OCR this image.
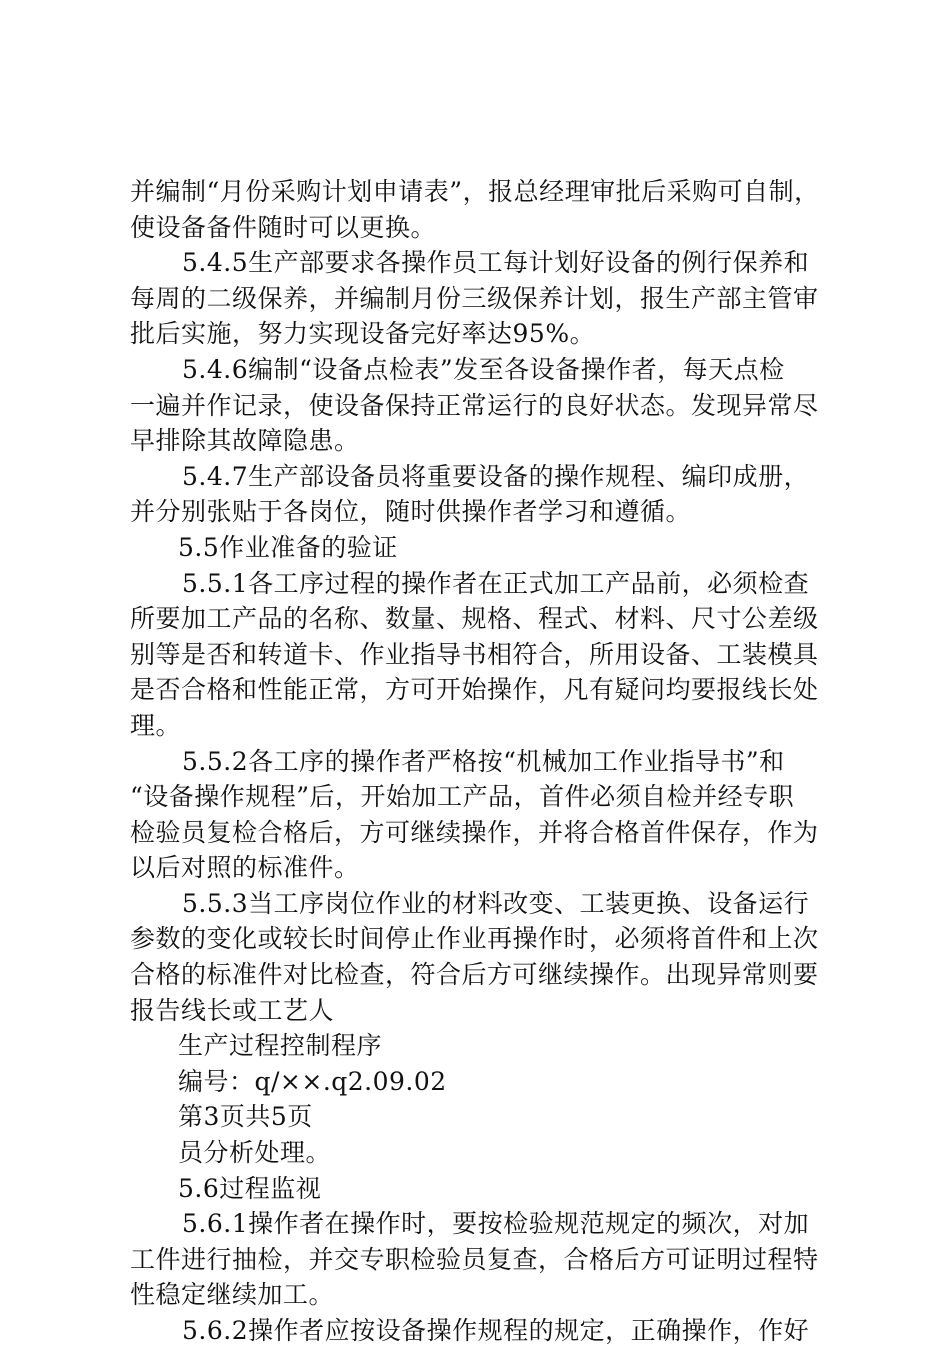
并编制“月份采购计划申请表”，报总经理审批后采购可自制，
使设备备件随时可以更换。
5.4.5生产部要求各操作员工每计划好设备的例行保养和
每周的二级保养，并编制月份三级保养计划，报生产部主管审
批后实施，努力实现设备完好率达95%。
5.4.6编制“设备点检表”发至各设备操作者，每天点检
一遍并作记录，使设备保持正常运行的良好状态。发现异常尽
早排除其故障隐患。
5.4.7生产部设备员将重要设备的操作规程、编印成册，
并分别张贴于各岗位，随时供操作者学习和遵循。
5.5作业准备的验证
5.5.1各工序过程的操作者在正式加工产品前，必须检查
所要加工产品的名称、数量、规格、程式、材料、尺寸公差级
别等是否和转道卡、作业指导书相符合，所用设备、工装模具
是否合格和性能正常，方可开始操作，凡有疑问均要报线长处
理。
5.5.2各工序的操作者严格按“机械加工作业指导书”和
“设备操作规程”后，开始加工产品，首件必须自检并经专职
检验员复检合格后，方可继续操作，并将合格首件保存，作为
以后对照的标准件。
5.5.3当工序岗位作业的材料改变、工装更换、设备运行
参数的变化或较长时间停止作业再操作时，必须将首件和上次
合格的标准件对比检查，符合后方可继续操作。出现异常则要
报告线长或工艺人
生产过程控制程序
编号：q/××.q2.09.02
第3页共5页
员分析处理。
5.6过程监视
5.6.1操作者在操作时，要按检验规范规定的频次，对加
工件进行抽检，并交专职检验员复查，合格后方可证明过程特
性稳定继续加工。
5.6.2操作者应按设备操作规程的规定，正确操作，作好
